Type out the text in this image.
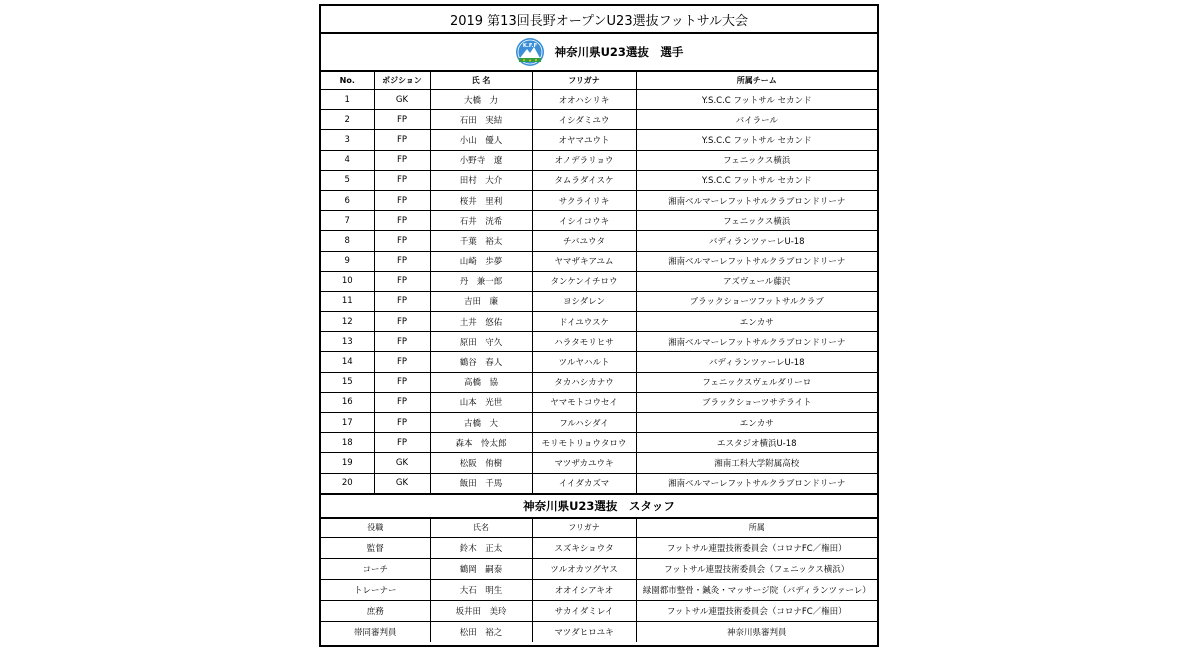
2019 第13回長野オープンU23選抜フットサル大会
K.F.F 神奈川県U23選抜　選手
No.	ポジション	氏 名	フリガナ	所属チーム
1	GK	大橋　力	オオハシリキ	Y.S.C.C フットサル セカンド
2	FP	石田　実結	イシダミユウ	バイラール
3	FP	小山　優人	オヤマユウト	Y.S.C.C フットサル セカンド
4	FP	小野寺　遼	オノデラリョウ	フェニックス横浜
5	FP	田村　大介	タムラダイスケ	Y.S.C.C フットサル セカンド
6	FP	桜井　里利	サクライリキ	湘南ベルマーレフットサルクラブロンドリーナ
7	FP	石井　洸希	イシイコウキ	フェニックス横浜
8	FP	千葉　裕太	チバユウタ	バディランツァーレU-18
9	FP	山崎　歩夢	ヤマザキアユム	湘南ベルマーレフットサルクラブロンドリーナ
10	FP	丹　兼一郎	タンケンイチロウ	アズヴェール藤沢
11	FP	吉田　廉	ヨシダレン	ブラックショーツフットサルクラブ
12	FP	土井　悠佑	ドイユウスケ	エンカサ
13	FP	原田　守久	ハラタモリヒサ	湘南ベルマーレフットサルクラブロンドリーナ
14	FP	鶴谷　春人	ツルヤハルト	バディランツァーレU-18
15	FP	高橋　協	タカハシカナウ	フェニックスヴェルダリーロ
16	FP	山本　光世	ヤマモトコウセイ	ブラックショーツサテライト
17	FP	古橋　大	フルハシダイ	エンカサ
18	FP	森本　怜太郎	モリモトリョウタロウ	エスタジオ横浜U-18
19	GK	松阪　侑樹	マツザカユウキ	湘南工科大学附属高校
20	GK	飯田　千馬	イイダカズマ	湘南ベルマーレフットサルクラブロンドリーナ
神奈川県U23選抜　スタッフ
役職	氏名	フリガナ	所属
監督	鈴木　正太	スズキショウタ	フットサル連盟技術委員会（コロナFC／権田）
コーチ	鶴岡　嗣泰	ツルオカツグヤス	フットサル連盟技術委員会（フェニックス横浜）
トレーナー	大石　明生	オオイシアキオ	緑園都市整骨・鍼灸・マッサージ院（バディランツァーレ）
庶務	坂井田　美玲	サカイダミレイ	フットサル連盟技術委員会（コロナFC／権田）
帯同審判員	松田　裕之	マツダヒロユキ	神奈川県審判員
